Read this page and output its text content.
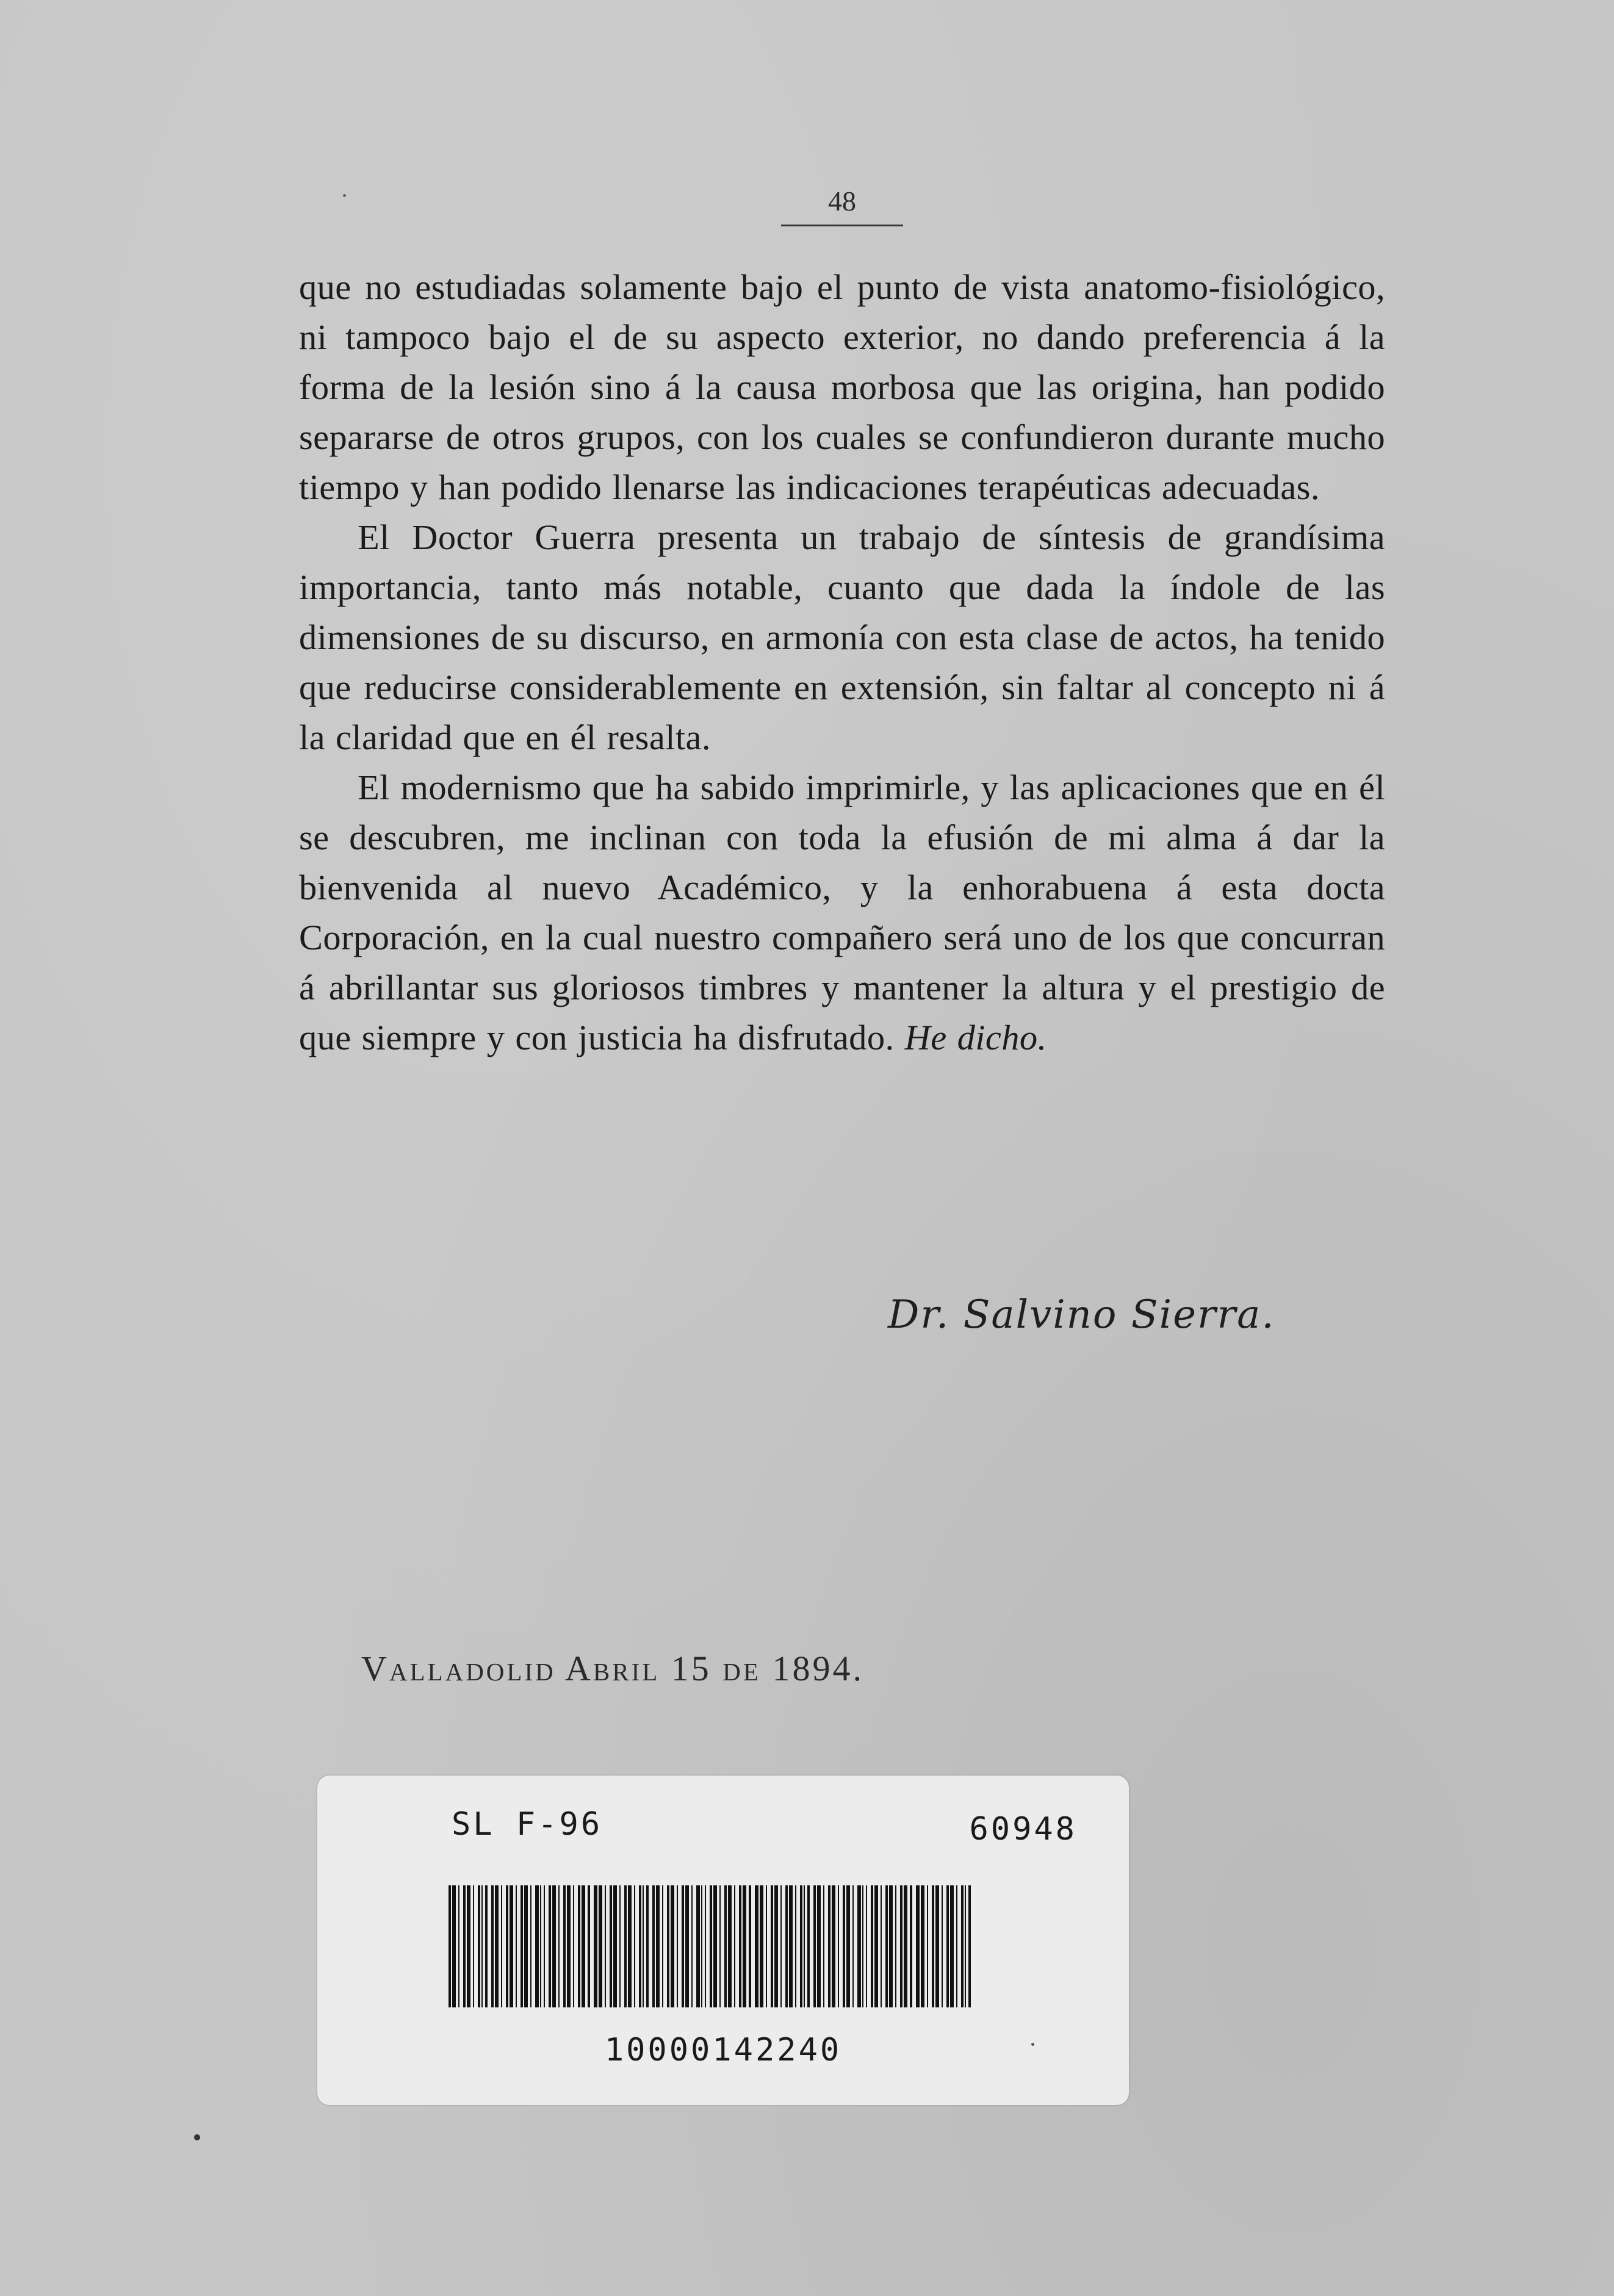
48

que no estudiadas solamente bajo el punto de vista anatomo-fisiológico, ni tampoco bajo el de su aspecto exterior, no dando preferencia á la forma de la lesión sino á la causa morbosa que las origina, han podido separarse de otros grupos, con los cuales se confundieron durante mucho tiempo y han podido llenarse las indicaciones terapéuticas adecuadas.

El Doctor Guerra presenta un trabajo de síntesis de grandísima importancia, tanto más notable, cuanto que dada la índole de las dimensiones de su discurso, en armonía con esta clase de actos, ha tenido que reducirse considerablemente en extensión, sin faltar al concepto ni á la claridad que en él resalta.

El modernismo que ha sabido imprimirle, y las aplicaciones que en él se descubren, me inclinan con toda la efusión de mi alma á dar la bienvenida al nuevo Académico, y la enhorabuena á esta docta Corporación, en la cual nuestro compañero será uno de los que concurran á abrillantar sus gloriosos timbres y mantener la altura y el prestigio de que siempre y con justicia ha disfrutado. He dicho.

Dr. Salvino Sierra.
Valladolid Abril 15 de 1894.
SL F-96	60948
10000142240
